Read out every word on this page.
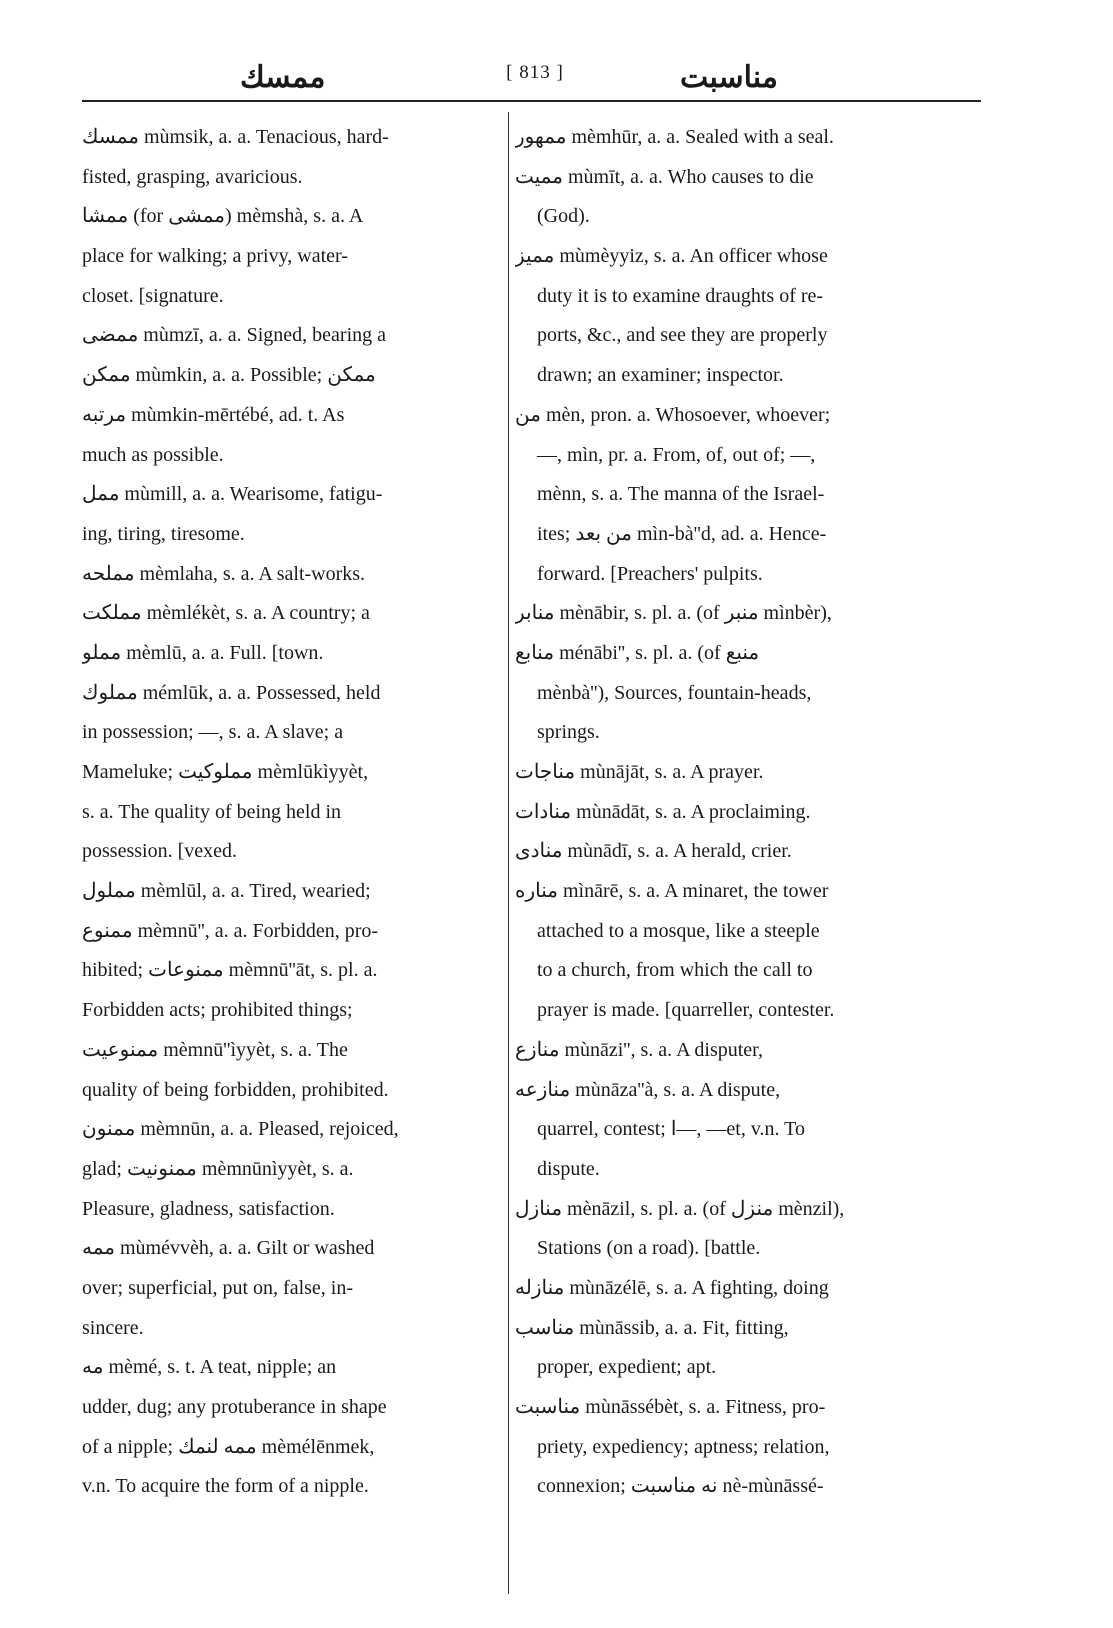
ممسك	[ 813 ]	مناسبت
ممسك mùmsik, a. a. Tenacious, hard-
fisted, grasping, avaricious.
ممشا (for ممشى) mèmshà, s. a. A
place for walking; a privy, water-
closet. [signature.
ممضى mùmzī, a. a. Signed, bearing a
ممكن mùmkin, a. a. Possible; ممكن
مرتبه mùmkin-mērtébé, ad. t. As
much as possible.
ممل mùmill, a. a. Wearisome, fatigu-
ing, tiring, tiresome.
مملحه mèmlaha, s. a. A salt-works.
مملكت mèmlékèt, s. a. A country; a
مملو mèmlū, a. a. Full. [town.
مملوك mémlūk, a. a. Possessed, held
in possession; —, s. a. A slave; a
Mameluke; مملوكيت mèmlūkìyyèt,
s. a. The quality of being held in
possession. [vexed.
مملول mèmlūl, a. a. Tired, wearied;
ممنوع mèmnū'', a. a. Forbidden, pro-
hibited; ممنوعات mèmnū''āt, s. pl. a.
Forbidden acts; prohibited things;
ممنوعيت mèmnū''ìyyèt, s. a. The
quality of being forbidden, prohibited.
ممنون mèmnūn, a. a. Pleased, rejoiced,
glad; ممنونيت mèmnūnìyyèt, s. a.
Pleasure, gladness, satisfaction.
ممه mùmévvèh, a. a. Gilt or washed
over; superficial, put on, false, in-
sincere.
مه mèmé, s. t. A teat, nipple; an
udder, dug; any protuberance in shape
of a nipple; ممه لنمك mèmélēnmek,
v.n. To acquire the form of a nipple.
ممهور mèmhūr, a. a. Sealed with a seal.
مميت mùmīt, a. a. Who causes to die
(God).
مميز mùmèyyiz, s. a. An officer whose
duty it is to examine draughts of re-
ports, &c., and see they are properly
drawn; an examiner; inspector.
من mèn, pron. a. Whosoever, whoever;
—, mìn, pr. a. From, of, out of; —,
mènn, s. a. The manna of the Israel-
ites; من بعد mìn-bà''d, ad. a. Hence-
forward. [Preachers' pulpits.
منابر mènābir, s. pl. a. (of منبر mìnbèr),
منابع ménābi'', s. pl. a. (of منبع
mènbà''), Sources, fountain-heads,
springs.
مناجات mùnājāt, s. a. A prayer.
منادات mùnādāt, s. a. A proclaiming.
منادى mùnādī, s. a. A herald, crier.
مناره mìnārē, s. a. A minaret, the tower
attached to a mosque, like a steeple
to a church, from which the call to
prayer is made. [quarreller, contester.
منازع mùnāzi'', s. a. A disputer,
منازعه mùnāza''à, s. a. A dispute,
quarrel, contest; ا—, —et, v.n. To
dispute.
منازل mènāzil, s. pl. a. (of منزل mènzil),
Stations (on a road). [battle.
منازله mùnāzélē, s. a. A fighting, doing
مناسب mùnāssib, a. a. Fit, fitting,
proper, expedient; apt.
مناسبت mùnāssébèt, s. a. Fitness, pro-
priety, expediency; aptness; relation,
connexion; نه مناسبت nè-mùnāssé-
